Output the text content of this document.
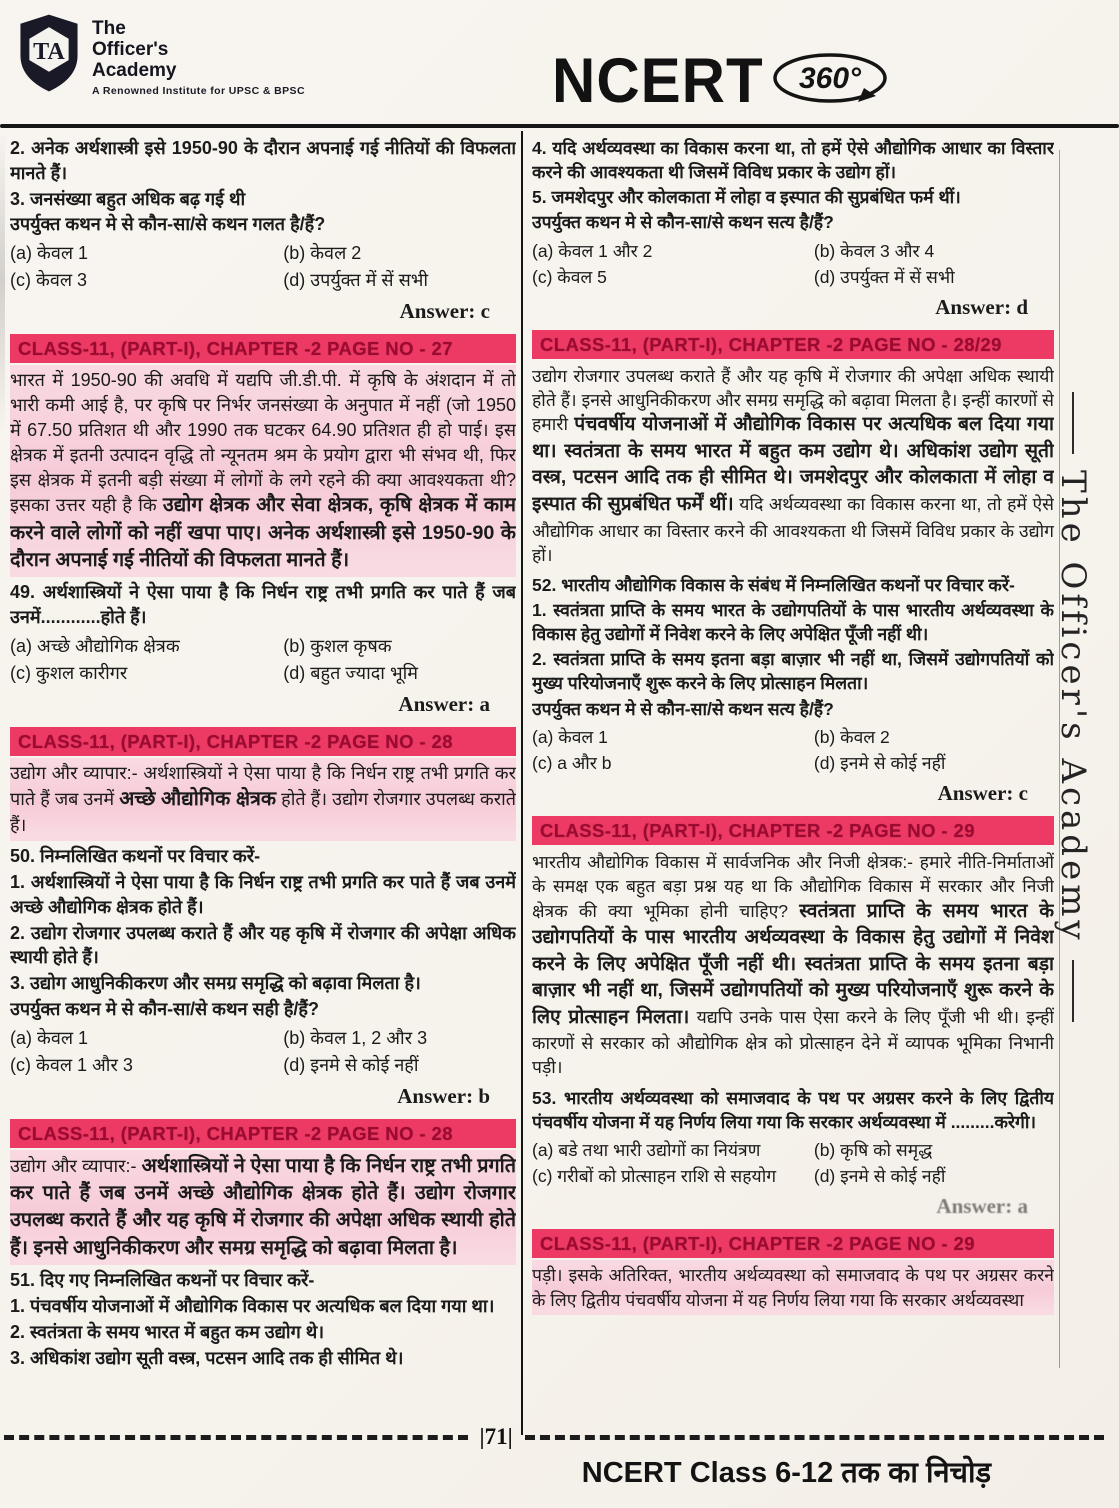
TA
The
Officer's
Academy
A Renowned Institute for UPSC & BPSC	NCERT 360°
2. अनेक अर्थशास्त्री इसे 1950-90 के दौरान अपनाई गई नीतियों की विफलता मानते हैं।
3. जनसंख्या बहुत अधिक बढ़ गई थी
उपर्युक्त कथन मे से कौन-सा/से कथन गलत है/हैं?
(a) केवल 1	(b) केवल 2
(c) केवल 3	(d) उपर्युक्त में सें सभी
Answer: c
CLASS-11, (PART-I), CHAPTER -2 PAGE NO - 27

भारत में 1950-90 की अवधि में यद्यपि जी.डी.पी. में कृषि के अंशदान में तो भारी कमी आई है, पर कृषि पर निर्भर जनसंख्या के अनुपात में नहीं (जो 1950 में 67.50 प्रतिशत थी और 1990 तक घटकर 64.90 प्रतिशत ही हो पाई। इस क्षेत्रक में इतनी उत्पादन वृद्धि तो न्यूनतम श्रम के प्रयोग द्वारा भी संभव थी, फिर इस क्षेत्रक में इतनी बड़ी संख्या में लोगों के लगे रहने की क्या आवश्यकता थी? इसका उत्तर यही है कि उद्योग क्षेत्रक और सेवा क्षेत्रक, कृषि क्षेत्रक में काम करने वाले लोगों को नहीं खपा पाए। अनेक अर्थशास्त्री इसे 1950-90 के दौरान अपनाई गई नीतियों की विफलता मानते हैं।

49. अर्थशास्त्रियों ने ऐसा पाया है कि निर्धन राष्ट्र तभी प्रगति कर पाते हैं जब उनमें............होते हैं।
(a) अच्छे औद्योगिक क्षेत्रक	(b) कुशल कृषक
(c) कुशल कारीगर	(d) बहुत ज्यादा भूमि
Answer: a
CLASS-11, (PART-I), CHAPTER -2 PAGE NO - 28

उद्योग और व्यापार:- अर्थशास्त्रियों ने ऐसा पाया है कि निर्धन राष्ट्र तभी प्रगति कर पाते हैं जब उनमें अच्छे औद्योगिक क्षेत्रक होते हैं। उद्योग रोजगार उपलब्ध कराते हैं।

50. निम्नलिखित कथनों पर विचार करें-
1. अर्थशास्त्रियों ने ऐसा पाया है कि निर्धन राष्ट्र तभी प्रगति कर पाते हैं जब उनमें अच्छे औद्योगिक क्षेत्रक होते हैं।
2. उद्योग रोजगार उपलब्ध कराते हैं और यह कृषि में रोजगार की अपेक्षा अधिक स्थायी होते हैं।
3. उद्योग आधुनिकीकरण और समग्र समृद्धि को बढ़ावा मिलता है।
उपर्युक्त कथन मे से कौन-सा/से कथन सही है/हैं?
(a) केवल 1	(b) केवल 1, 2 और 3
(c) केवल 1 और 3	(d) इनमे से कोई नहीं
Answer: b
CLASS-11, (PART-I), CHAPTER -2 PAGE NO - 28

उद्योग और व्यापार:- अर्थशास्त्रियों ने ऐसा पाया है कि निर्धन राष्ट्र तभी प्रगति कर पाते हैं जब उनमें अच्छे औद्योगिक क्षेत्रक होते हैं। उद्योग रोजगार उपलब्ध कराते हैं और यह कृषि में रोजगार की अपेक्षा अधिक स्थायी होते हैं। इनसे आधुनिकीकरण और समग्र समृद्धि को बढ़ावा मिलता है।

51. दिए गए निम्नलिखित कथनों पर विचार करें-
1. पंचवर्षीय योजनाओं में औद्योगिक विकास पर अत्यधिक बल दिया गया था।
2. स्वतंत्रता के समय भारत में बहुत कम उद्योग थे।
3. अधिकांश उद्योग सूती वस्त्र, पटसन आदि तक ही सीमित थे।
4. यदि अर्थव्यवस्था का विकास करना था, तो हमें ऐसे औद्योगिक आधार का विस्तार करने की आवश्यकता थी जिसमें विविध प्रकार के उद्योग हों।
5. जमशेदपुर और कोलकाता में लोहा व इस्पात की सुप्रबंधित फर्म थीं।
उपर्युक्त कथन मे से कौन-सा/से कथन सत्य है/हैं?
(a) केवल 1 और 2	(b) केवल 3 और 4
(c) केवल 5	(d) उपर्युक्त में सें सभी
Answer: d
CLASS-11, (PART-I), CHAPTER -2 PAGE NO - 28/29

उद्योग रोजगार उपलब्ध कराते हैं और यह कृषि में रोजगार की अपेक्षा अधिक स्थायी होते हैं। इनसे आधुनिकीकरण और समग्र समृद्धि को बढ़ावा मिलता है। इन्हीं कारणों से हमारी पंचवर्षीय योजनाओं में औद्योगिक विकास पर अत्यधिक बल दिया गया था। स्वतंत्रता के समय भारत में बहुत कम उद्योग थे। अधिकांश उद्योग सूती वस्त्र, पटसन आदि तक ही सीमित थे। जमशेदपुर और कोलकाता में लोहा व इस्पात की सुप्रबंधित फर्में थीं। यदि अर्थव्यवस्था का विकास करना था, तो हमें ऐसे औद्योगिक आधार का विस्तार करने की आवश्यकता थी जिसमें विविध प्रकार के उद्योग हों।

52. भारतीय औद्योगिक विकास के संबंध में निम्नलिखित कथनों पर विचार करें-
1. स्वतंत्रता प्राप्ति के समय भारत के उद्योगपतियों के पास भारतीय अर्थव्यवस्था के विकास हेतु उद्योगों में निवेश करने के लिए अपेक्षित पूँजी नहीं थी।
2. स्वतंत्रता प्राप्ति के समय इतना बड़ा बाज़ार भी नहीं था, जिसमें उद्योगपतियों को मुख्य परियोजनाएँ शुरू करने के लिए प्रोत्साहन मिलता।
उपर्युक्त कथन मे से कौन-सा/से कथन सत्य है/हैं?
(a) केवल 1	(b) केवल 2
(c) a और b	(d) इनमे से कोई नहीं
Answer: c
CLASS-11, (PART-I), CHAPTER -2 PAGE NO - 29

भारतीय औद्योगिक विकास में सार्वजनिक और निजी क्षेत्रक:- हमारे नीति-निर्माताओं के समक्ष एक बहुत बड़ा प्रश्न यह था कि औद्योगिक विकास में सरकार और निजी क्षेत्रक की क्या भूमिका होनी चाहिए? स्वतंत्रता प्राप्ति के समय भारत के उद्योगपतियों के पास भारतीय अर्थव्यवस्था के विकास हेतु उद्योगों में निवेश करने के लिए अपेक्षित पूँजी नहीं थी। स्वतंत्रता प्राप्ति के समय इतना बड़ा बाज़ार भी नहीं था, जिसमें उद्योगपतियों को मुख्य परियोजनाएँ शुरू करने के लिए प्रोत्साहन मिलता। यद्यपि उनके पास ऐसा करने के लिए पूँजी भी थी। इन्हीं कारणों से सरकार को औद्योगिक क्षेत्र को प्रोत्साहन देने में व्यापक भूमिका निभानी पड़ी।

53. भारतीय अर्थव्यवस्था को समाजवाद के पथ पर अग्रसर करने के लिए द्वितीय पंचवर्षीय योजना में यह निर्णय लिया गया कि सरकार अर्थव्यवस्था में .........करेगी।
(a) बडे तथा भारी उद्योगों का नियंत्रण	(b) कृषि को समृद्ध
(c) गरीबों को प्रोत्साहन राशि से सहयोग	(d) इनमे से कोई नहीं
Answer: a
CLASS-11, (PART-I), CHAPTER -2 PAGE NO - 29

पड़ी। इसके अतिरिक्त, भारतीय अर्थव्यवस्था को समाजवाद के पथ पर अग्रसर करने के लिए द्वितीय पंचवर्षीय योजना में यह निर्णय लिया गया कि सरकार अर्थव्यवस्था

The Officer's Academy
|71|
NCERT Class 6-12 तक का निचोड़
